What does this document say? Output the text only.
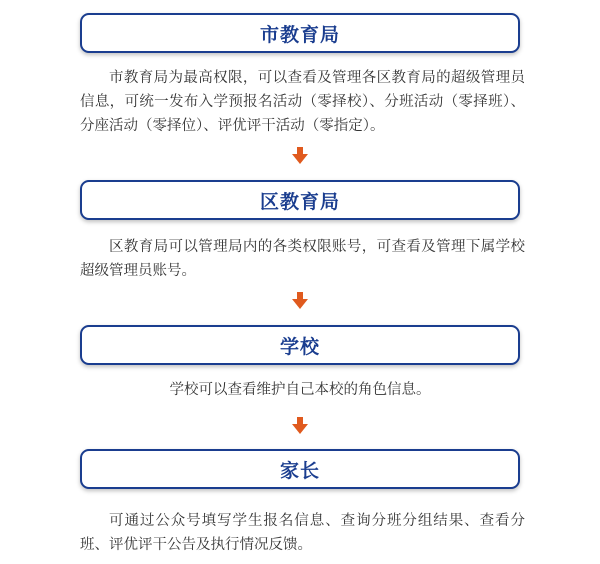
市教育局

市教育局为最高权限，可以查看及管理各区教育局的超级管理员信息，可统一发布入学预报名活动（零择校）、分班活动（零择班）、分座活动（零择位）、评优评干活动（零指定）。

区教育局

区教育局可以管理局内的各类权限账号，可查看及管理下属学校超级管理员账号。

学校

学校可以查看维护自己本校的角色信息。

家长

可通过公众号填写学生报名信息、查询分班分组结果、查看分班、评优评干公告及执行情况反馈。
